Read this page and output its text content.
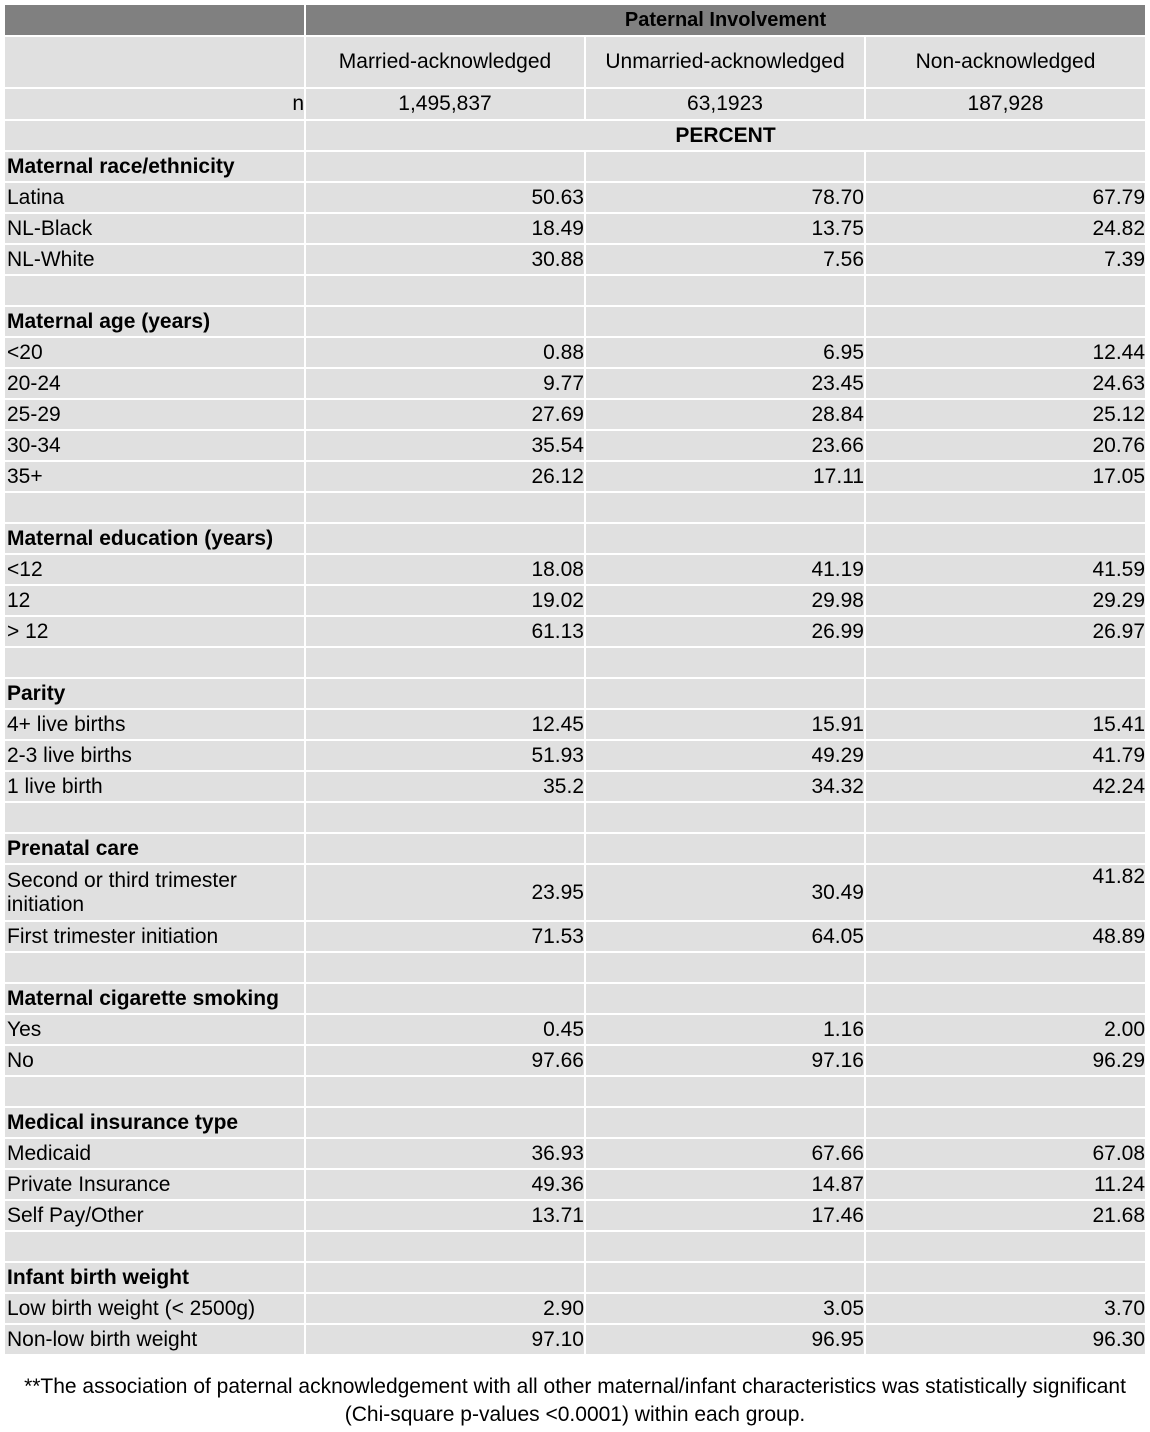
	Paternal Involvement		
	Married-acknowledged	Unmarried-acknowledged	Non-acknowledged
n	1,495,837	63,1923	187,928
	PERCENT		
Maternal race/ethnicity			
Latina	50.63	78.70	67.79
NL-Black	18.49	13.75	24.82
NL-White	30.88	7.56	7.39

Maternal age (years)			
<20	0.88	6.95	12.44
20-24	9.77	23.45	24.63
25-29	27.69	28.84	25.12
30-34	35.54	23.66	20.76
35+	26.12	17.11	17.05

Maternal education (years)			
<12	18.08	41.19	41.59
12	19.02	29.98	29.29
> 12	61.13	26.99	26.97

Parity			
4+ live births	12.45	15.91	15.41
2-3 live births	51.93	49.29	41.79
1 live birth	35.2	34.32	42.24

Prenatal care			
Second or third trimester initiation	23.95	30.49	41.82
First trimester initiation	71.53	64.05	48.89

Maternal cigarette smoking			
Yes	0.45	1.16	2.00
No	97.66	97.16	96.29

Medical insurance type			
Medicaid	36.93	67.66	67.08
Private Insurance	49.36	14.87	11.24
Self Pay/Other	13.71	17.46	21.68

Infant birth weight			
Low birth weight (< 2500g)	2.90	3.05	3.70
Non-low birth weight	97.10	96.95	96.30
**The association of paternal acknowledgement with all other maternal/infant characteristics was statistically significant (Chi-square p-values <0.0001) within each group.
